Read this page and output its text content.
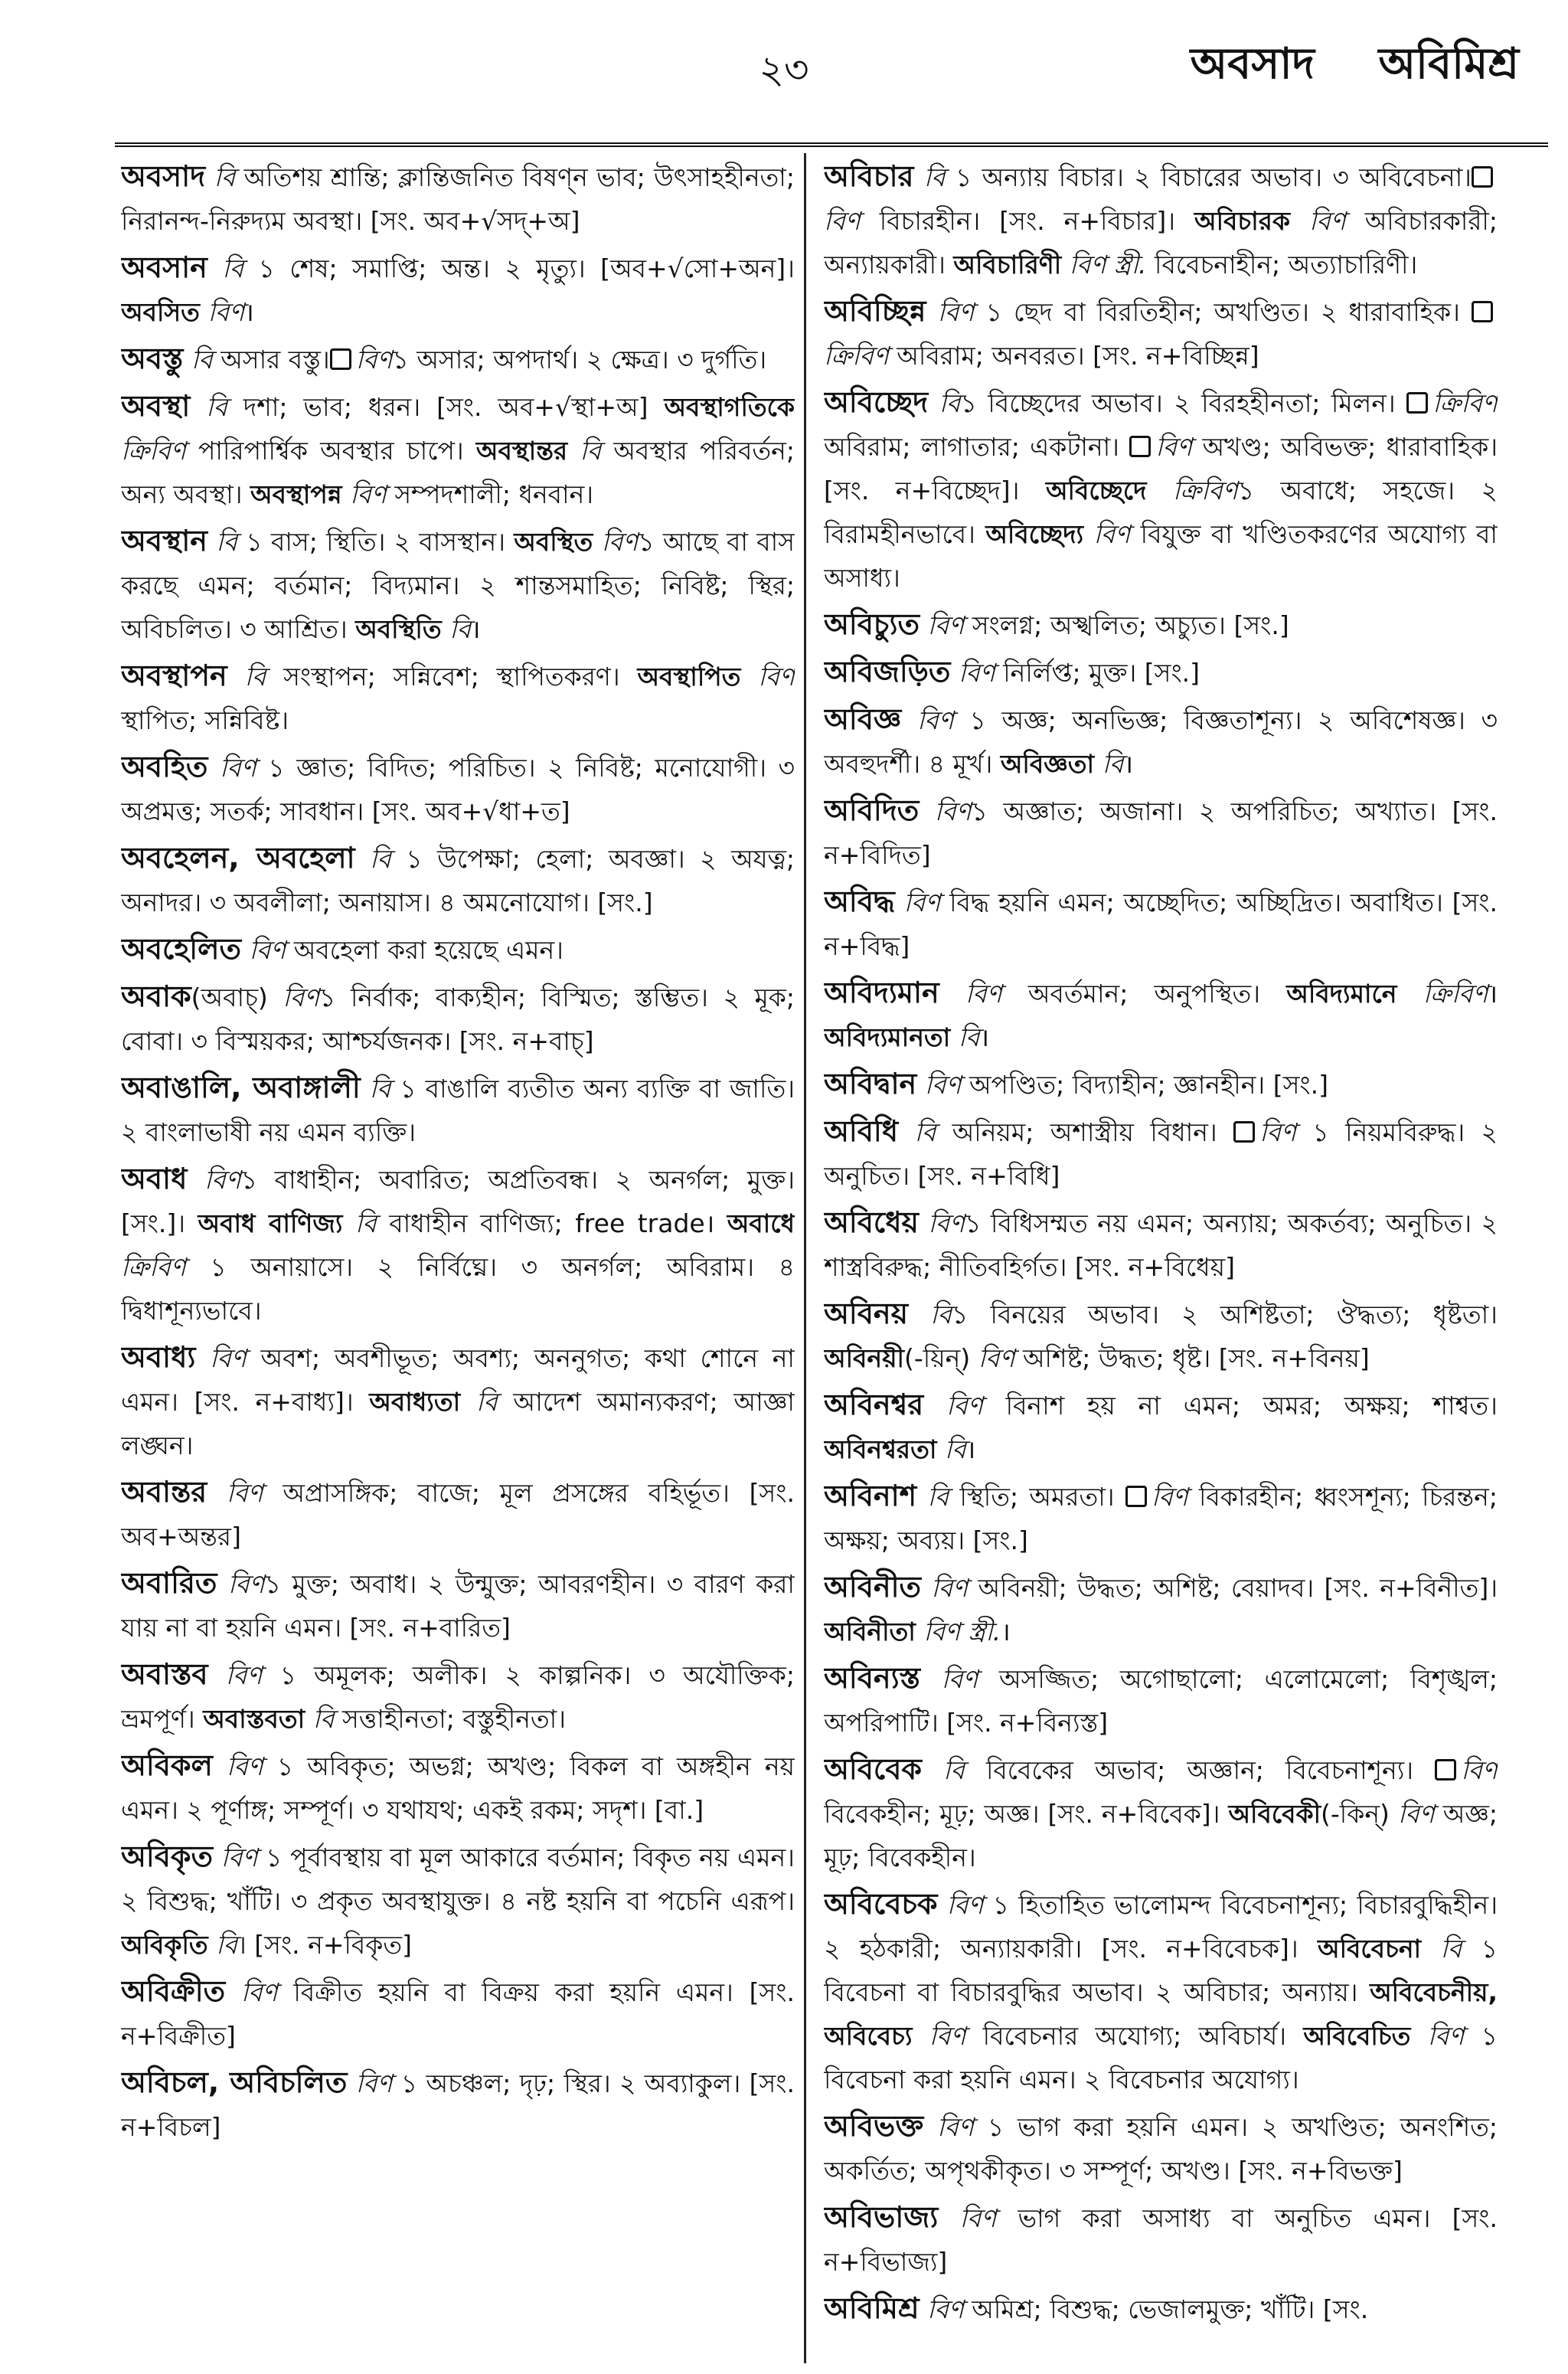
২৩	অবসাদ অবিমিশ্র

অবসাদ বি অতিশয় শ্রান্তি; ক্লান্তিজনিত বিষণ্ন ভাব; উৎসাহহীনতা; নিরানন্দ-নিরুদ্যম অবস্থা। [সং. অব+√সদ্+অ]

অবসান বি ১ শেষ; সমাপ্তি; অন্ত। ২ মৃত্যু। [অব+√সো+অন]। অবসিত বিণ।

অবস্তু বি অসার বস্তু। বিণ১ অসার; অপদার্থ। ২ ক্ষেত্র। ৩ দুর্গতি।

অবস্থা বি দশা; ভাব; ধরন। [সং. অব+√স্থা+অ] অবস্থাগতিকে ক্রিবিণ পারিপার্শ্বিক অবস্থার চাপে। অবস্থান্তর বি অবস্থার পরিবর্তন; অন্য অবস্থা। অবস্থাপন্ন বিণ সম্পদশালী; ধনবান।

অবস্থান বি ১ বাস; স্থিতি। ২ বাসস্থান। অবস্থিত বিণ১ আছে বা বাস করছে এমন; বর্তমান; বিদ্যমান। ২ শান্তসমাহিত; নিবিষ্ট; স্থির; অবিচলিত। ৩ আশ্রিত। অবস্থিতি বি।

অবস্থাপন বি সংস্থাপন; সন্নিবেশ; স্থাপিতকরণ। অবস্থাপিত বিণ স্থাপিত; সন্নিবিষ্ট।

অবহিত বিণ ১ জ্ঞাত; বিদিত; পরিচিত। ২ নিবিষ্ট; মনোযোগী। ৩ অপ্রমত্ত; সতর্ক; সাবধান। [সং. অব+√ধা+ত]

অবহেলন, অবহেলা বি ১ উপেক্ষা; হেলা; অবজ্ঞা। ২ অযত্ন; অনাদর। ৩ অবলীলা; অনায়াস। ৪ অমনোযোগ। [সং.]

অবহেলিত বিণ অবহেলা করা হয়েছে এমন।

অবাক(অবাচ্) বিণ১ নির্বাক; বাক্যহীন; বিস্মিত; স্তম্ভিত। ২ মূক; বোবা। ৩ বিস্ময়কর; আশ্চর্যজনক। [সং. ন+বাচ্]

অবাঙালি, অবাঙ্গালী বি ১ বাঙালি ব্যতীত অন্য ব্যক্তি বা জাতি। ২ বাংলাভাষী নয় এমন ব্যক্তি।

অবাধ বিণ১ বাধাহীন; অবারিত; অপ্রতিবন্ধ। ২ অনর্গল; মুক্ত। [সং.]। অবাধ বাণিজ্য বি বাধাহীন বাণিজ্য; free trade। অবাধে ক্রিবিণ ১ অনায়াসে। ২ নির্বিঘ্নে। ৩ অনর্গল; অবিরাম। ৪ দ্বিধাশূন্যভাবে।

অবাধ্য বিণ অবশ; অবশীভূত; অবশ্য; অননুগত; কথা শোনে না এমন। [সং. ন+বাধ্য]। অবাধ্যতা বি আদেশ অমান্যকরণ; আজ্ঞা লঙ্ঘন।

অবান্তর বিণ অপ্রাসঙ্গিক; বাজে; মূল প্রসঙ্গের বহির্ভূত। [সং. অব+অন্তর]

অবারিত বিণ১ মুক্ত; অবাধ। ২ উন্মুক্ত; আবরণহীন। ৩ বারণ করা যায় না বা হয়নি এমন। [সং. ন+বারিত]

অবাস্তব বিণ ১ অমূলক; অলীক। ২ কাল্পনিক। ৩ অযৌক্তিক; ভ্রমপূর্ণ। অবাস্তবতা বি সত্তাহীনতা; বস্তুহীনতা।

অবিকল বিণ ১ অবিকৃত; অভগ্ন; অখণ্ড; বিকল বা অঙ্গহীন নয় এমন। ২ পূর্ণাঙ্গ; সম্পূর্ণ। ৩ যথাযথ; একই রকম; সদৃশ। [বা.]

অবিকৃত বিণ ১ পূর্বাবস্থায় বা মূল আকারে বর্তমান; বিকৃত নয় এমন। ২ বিশুদ্ধ; খাঁটি। ৩ প্রকৃত অবস্থাযুক্ত। ৪ নষ্ট হয়নি বা পচেনি এরূপ। অবিকৃতি বি। [সং. ন+বিকৃত]

অবিক্রীত বিণ বিক্রীত হয়নি বা বিক্রয় করা হয়নি এমন। [সং. ন+বিক্রীত]

অবিচল, অবিচলিত বিণ ১ অচঞ্চল; দৃঢ়; স্থির। ২ অব্যাকুল। [সং. ন+বিচল]

অবিচার বি ১ অন্যায় বিচার। ২ বিচারের অভাব। ৩ অবিবেচনা।বিণ বিচারহীন। [সং. ন+বিচার]। অবিচারক বিণ অবিচারকারী; অন্যায়কারী। অবিচারিণী বিণ স্ত্রী. বিবেচনাহীন; অত্যাচারিণী।

অবিচ্ছিন্ন বিণ ১ ছেদ বা বিরতিহীন; অখণ্ডিত। ২ ধারাবাহিক। ক্রিবিণ অবিরাম; অনবরত। [সং. ন+বিচ্ছিন্ন]

অবিচ্ছেদ বি১ বিচ্ছেদের অভাব। ২ বিরহহীনতা; মিলন। ক্রিবিণ অবিরাম; লাগাতার; একটানা। বিণ অখণ্ড; অবিভক্ত; ধারাবাহিক। [সং. ন+বিচ্ছেদ]। অবিচ্ছেদে ক্রিবিণ১ অবাধে; সহজে। ২ বিরামহীনভাবে। অবিচ্ছেদ্য বিণ বিযুক্ত বা খণ্ডিতকরণের অযোগ্য বা অসাধ্য।

অবিচ্যুত বিণ সংলগ্ন; অস্খলিত; অচ্যুত। [সং.]

অবিজড়িত বিণ নির্লিপ্ত; মুক্ত। [সং.]

অবিজ্ঞ বিণ ১ অজ্ঞ; অনভিজ্ঞ; বিজ্ঞতাশূন্য। ২ অবিশেষজ্ঞ। ৩ অবহুদর্শী। ৪ মূর্খ। অবিজ্ঞতা বি।

অবিদিত বিণ১ অজ্ঞাত; অজানা। ২ অপরিচিত; অখ্যাত। [সং. ন+বিদিত]

অবিদ্ধ বিণ বিদ্ধ হয়নি এমন; অচ্ছেদিত; অচ্ছিদ্রিত। অবাধিত। [সং. ন+বিদ্ধ]

অবিদ্যমান বিণ অবর্তমান; অনুপস্থিত। অবিদ্যমানে ক্রিবিণ। অবিদ্যমানতা বি।

অবিদ্বান বিণ অপণ্ডিত; বিদ্যাহীন; জ্ঞানহীন। [সং.]

অবিধি বি অনিয়ম; অশাস্ত্রীয় বিধান। বিণ ১ নিয়মবিরুদ্ধ। ২ অনুচিত। [সং. ন+বিধি]

অবিধেয় বিণ১ বিধিসম্মত নয় এমন; অন্যায়; অকর্তব্য; অনুচিত। ২ শাস্ত্রবিরুদ্ধ; নীতিবহির্গত। [সং. ন+বিধেয়]

অবিনয় বি১ বিনয়ের অভাব। ২ অশিষ্টতা; ঔদ্ধত্য; ধৃষ্টতা। অবিনয়ী(-য়িন্) বিণ অশিষ্ট; উদ্ধত; ধৃষ্ট। [সং. ন+বিনয়]

অবিনশ্বর বিণ বিনাশ হয় না এমন; অমর; অক্ষয়; শাশ্বত। অবিনশ্বরতা বি।

অবিনাশ বি স্থিতি; অমরতা। বিণ বিকারহীন; ধ্বংসশূন্য; চিরন্তন; অক্ষয়; অব্যয়। [সং.]

অবিনীত বিণ অবিনয়ী; উদ্ধত; অশিষ্ট; বেয়াদব। [সং. ন+বিনীত]। অবিনীতা বিণ স্ত্রী.।

অবিন্যস্ত বিণ অসজ্জিত; অগোছালো; এলোমেলো; বিশৃঙ্খল; অপরিপাটি। [সং. ন+বিন্যস্ত]

অবিবেক বি বিবেকের অভাব; অজ্ঞান; বিবেচনাশূন্য। বিণ বিবেকহীন; মূঢ়; অজ্ঞ। [সং. ন+বিবেক]। অবিবেকী(-কিন্) বিণ অজ্ঞ; মূঢ়; বিবেকহীন।

অবিবেচক বিণ ১ হিতাহিত ভালোমন্দ বিবেচনাশূন্য; বিচারবুদ্ধিহীন। ২ হঠকারী; অন্যায়কারী। [সং. ন+বিবেচক]। অবিবেচনা বি ১ বিবেচনা বা বিচারবুদ্ধির অভাব। ২ অবিচার; অন্যায়। অবিবেচনীয়, অবিবেচ্য বিণ বিবেচনার অযোগ্য; অবিচার্য। অবিবেচিত বিণ ১ বিবেচনা করা হয়নি এমন। ২ বিবেচনার অযোগ্য।

অবিভক্ত বিণ ১ ভাগ করা হয়নি এমন। ২ অখণ্ডিত; অনংশিত; অকর্তিত; অপৃথকীকৃত। ৩ সম্পূর্ণ; অখণ্ড। [সং. ন+বিভক্ত]

অবিভাজ্য বিণ ভাগ করা অসাধ্য বা অনুচিত এমন। [সং. ন+বিভাজ্য]

অবিমিশ্র বিণ অমিশ্র; বিশুদ্ধ; ভেজালমুক্ত; খাঁটি। [সং.
